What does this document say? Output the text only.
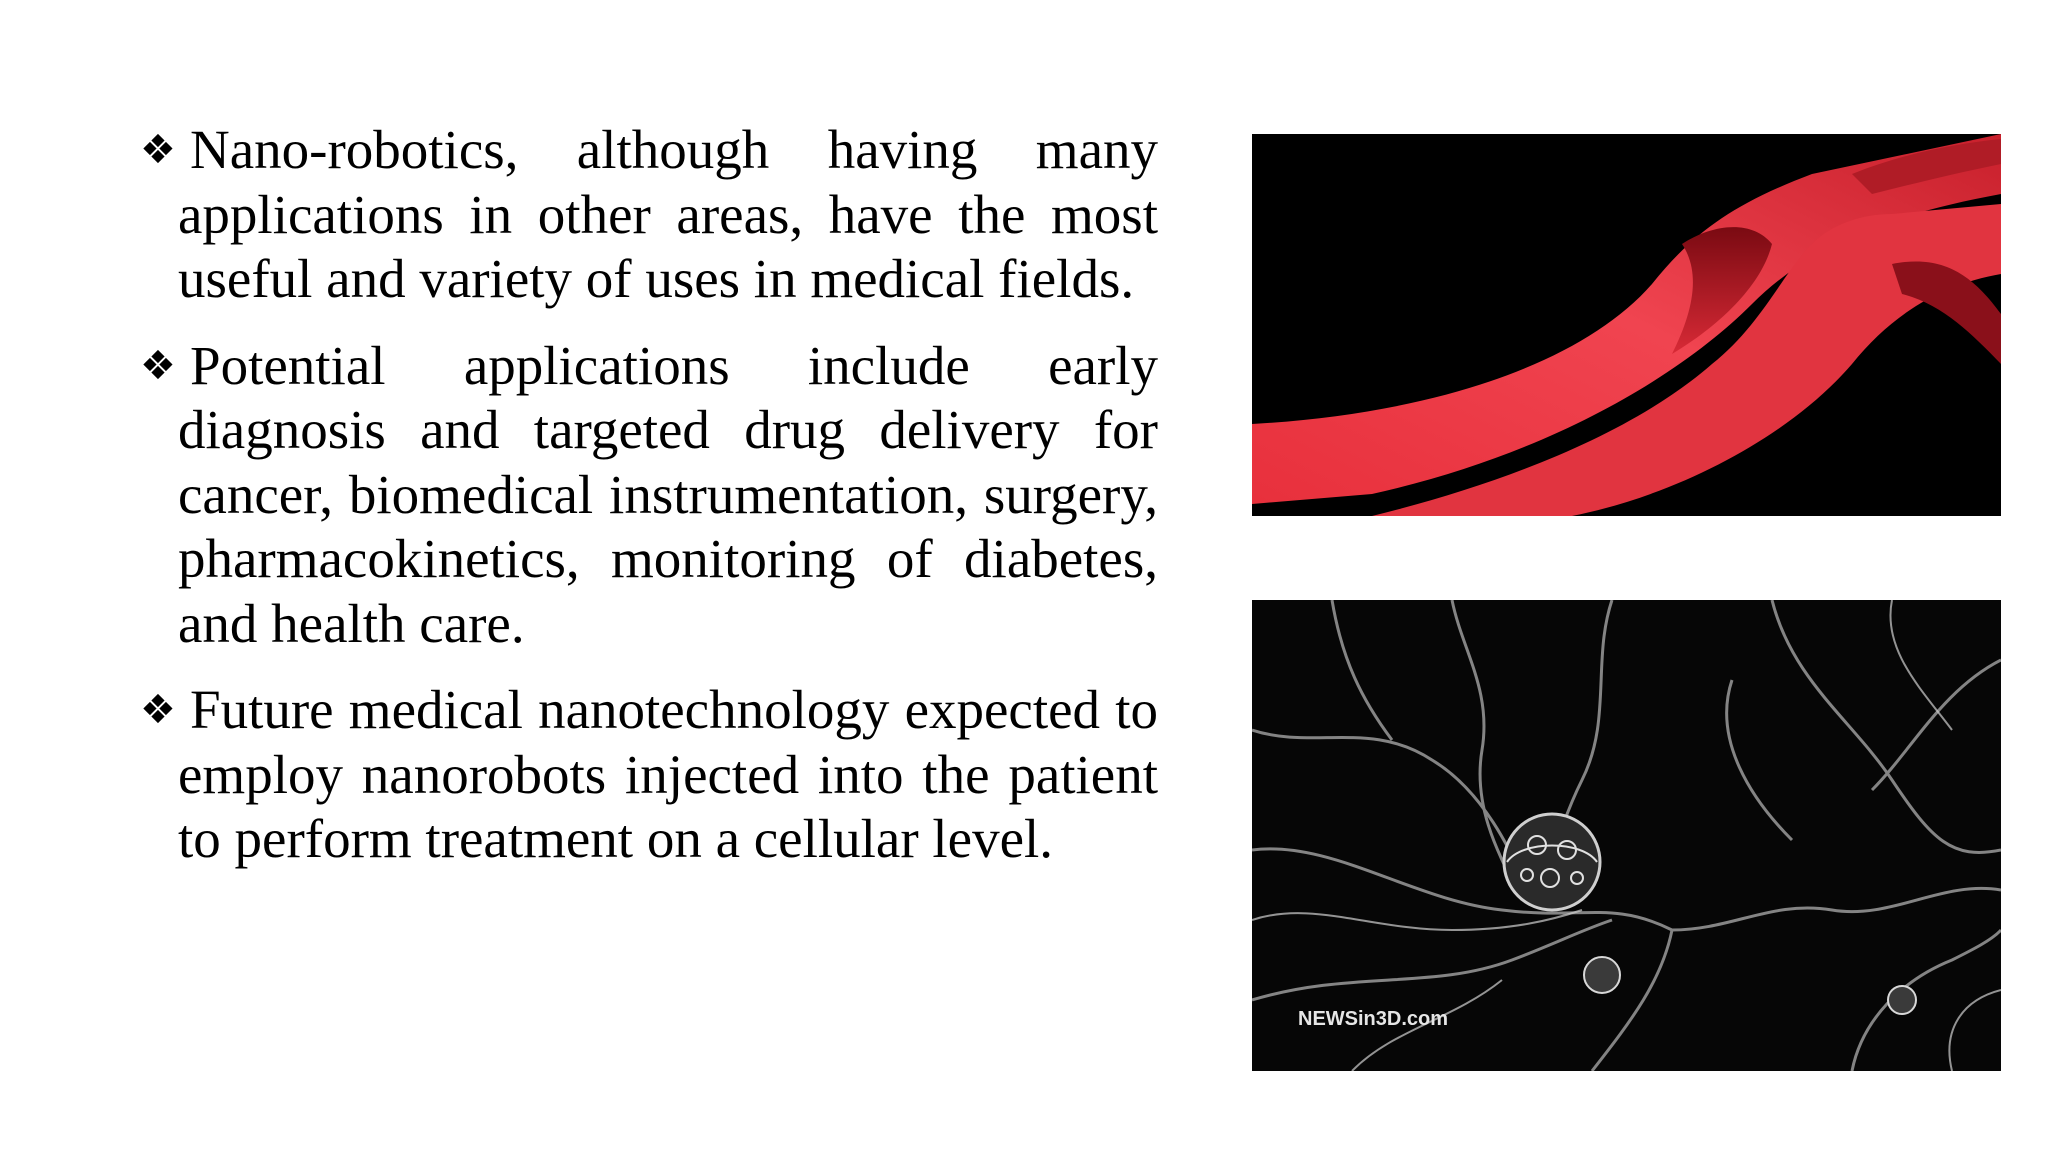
❖ Nano-robotics, although having many applications in other areas, have the most useful and variety of uses in medical fields.
❖ Potential applications include early diagnosis and targeted drug delivery for cancer, biomedical instrumentation, surgery, pharmacokinetics, monitoring of diabetes, and health care.
❖ Future medical nanotechnology expected to employ nanorobots injected into the patient to perform treatment on a cellular level.
NEWSin3D.com
